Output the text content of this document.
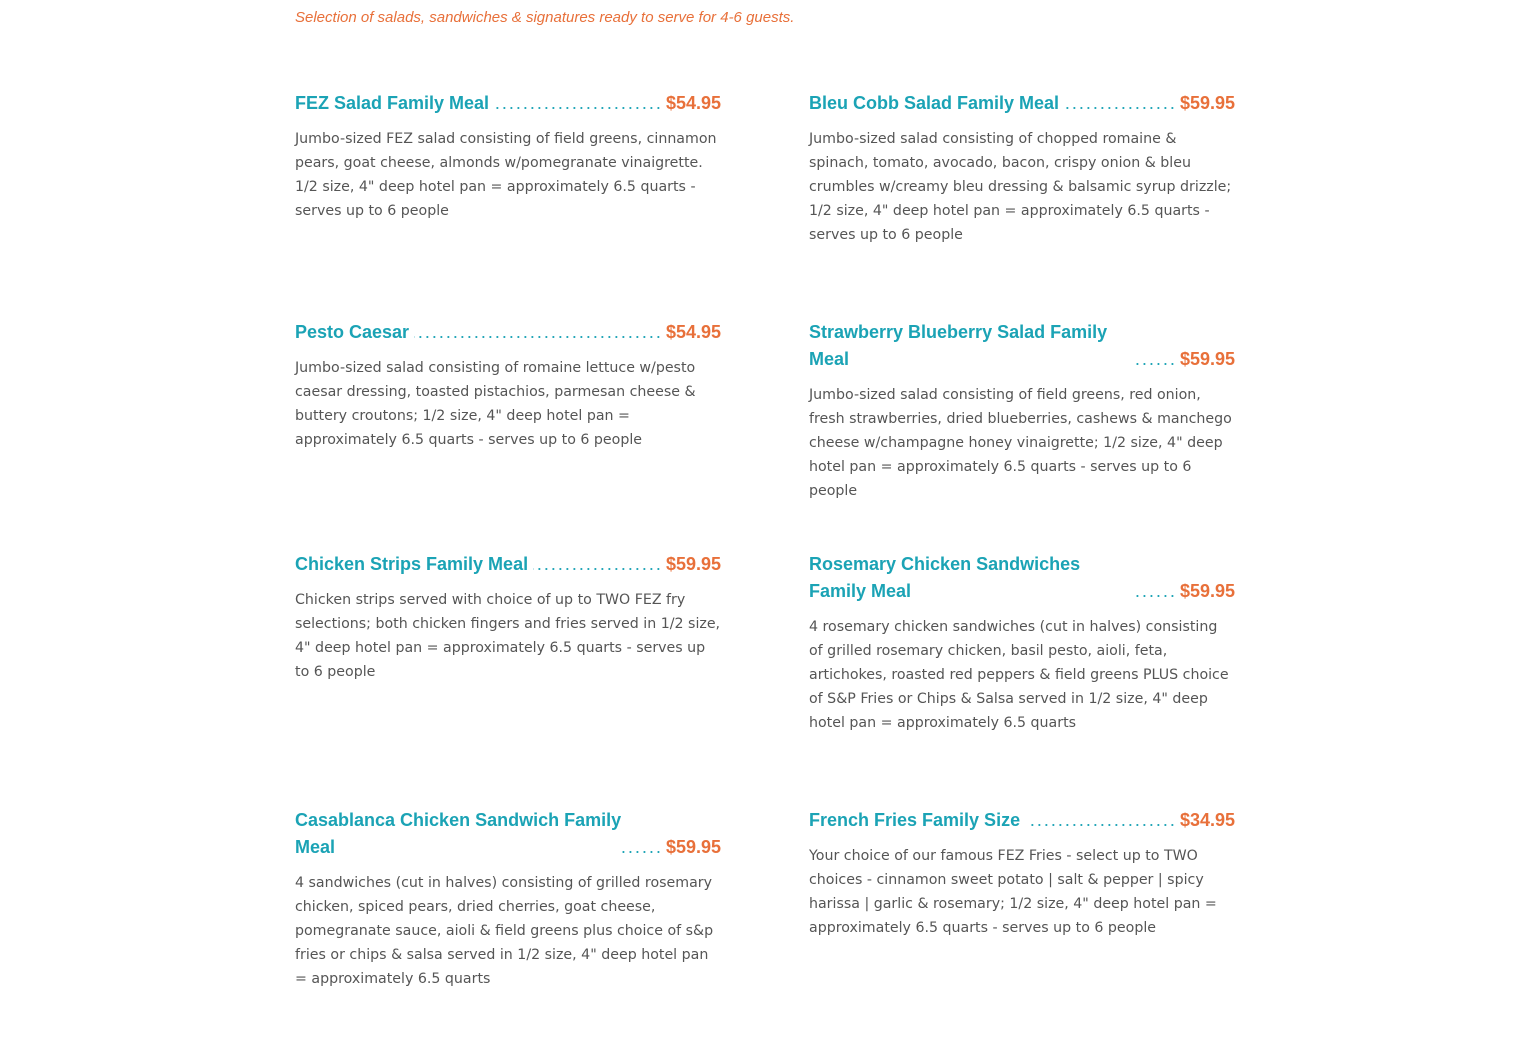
Selection of salads, sandwiches & signatures ready to serve for 4-6 guests.

FEZ Salad Family Meal	$54.95

Jumbo-sized FEZ salad consisting of field greens, cinnamon pears, goat cheese, almonds w/pomegranate vinaigrette. 1/2 size, 4" deep hotel pan = approximately 6.5 quarts - serves up to 6 people

Bleu Cobb Salad Family Meal	$59.95

Jumbo-sized salad consisting of chopped romaine & spinach, tomato, avocado, bacon, crispy onion & bleu crumbles w/creamy bleu dressing & balsamic syrup drizzle; 1/2 size, 4" deep hotel pan = approximately 6.5 quarts - serves up to 6 people

Pesto Caesar	$54.95

Jumbo-sized salad consisting of romaine lettuce w/pesto caesar dressing, toasted pistachios, parmesan cheese & buttery croutons; 1/2 size, 4" deep hotel pan = approximately 6.5 quarts - serves up to 6 people

Strawberry Blueberry Salad Family Meal	$59.95

Jumbo-sized salad consisting of field greens, red onion, fresh strawberries, dried blueberries, cashews & manchego cheese w/champagne honey vinaigrette; 1/2 size, 4" deep hotel pan = approximately 6.5 quarts - serves up to 6 people

Chicken Strips Family Meal	$59.95

Chicken strips served with choice of up to TWO FEZ fry selections; both chicken fingers and fries served in 1/2 size, 4" deep hotel pan = approximately 6.5 quarts - serves up to 6 people

Rosemary Chicken Sandwiches Family Meal	$59.95

4 rosemary chicken sandwiches (cut in halves) consisting of grilled rosemary chicken, basil pesto, aioli, feta, artichokes, roasted red peppers & field greens PLUS choice of S&P Fries or Chips & Salsa served in 1/2 size, 4" deep hotel pan = approximately 6.5 quarts

Casablanca Chicken Sandwich Family Meal	$59.95

4 sandwiches (cut in halves) consisting of grilled rosemary chicken, spiced pears, dried cherries, goat cheese, pomegranate sauce, aioli & field greens plus choice of s&p fries or chips & salsa served in 1/2 size, 4" deep hotel pan = approximately 6.5 quarts

French Fries Family Size	$34.95

Your choice of our famous FEZ Fries - select up to TWO choices - cinnamon sweet potato | salt & pepper | spicy harissa | garlic & rosemary; 1/2 size, 4" deep hotel pan = approximately 6.5 quarts - serves up to 6 people
